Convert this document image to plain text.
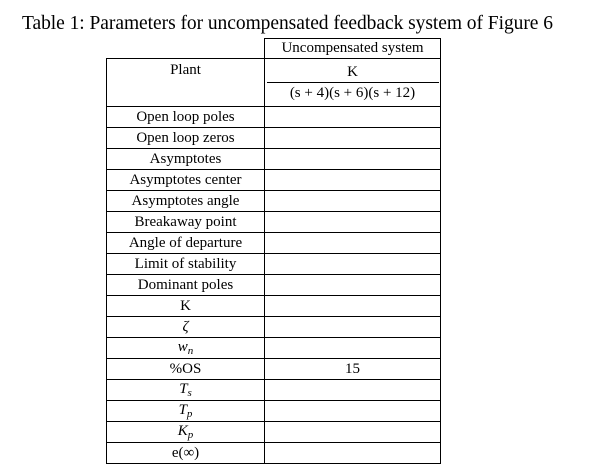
Table 1: Parameters for uncompensated feedback system of Figure 6
	Uncompensated system
Plant	$\frac{K}{(s + 4)(s + 6)(s + 12)}$

Open loop poles	
Open loop zeros	
Asymptotes	
Asymptotes center	
Asymptotes angle	
Breakaway point	
Angle of departure	
Limit of stability	
Dominant poles	
K	
ζ	
$w_n$	
%OS	15
$T_s$	
$T_p$	
$K_p$	
e(∞)	
